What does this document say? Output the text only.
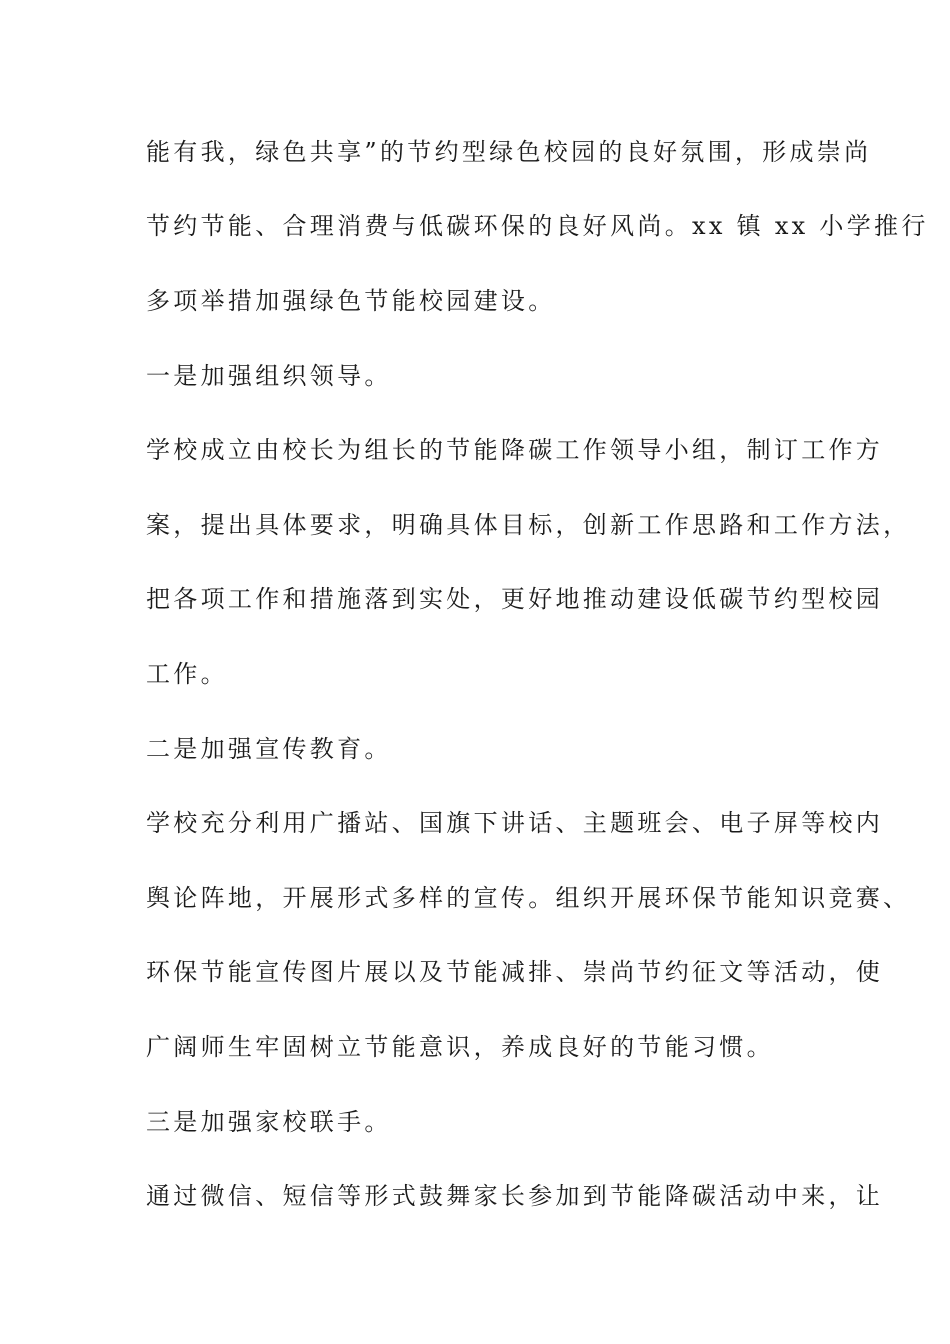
能有我，绿色共享”的节约型绿色校园的良好氛围，形成崇尚
节约节能、合理消费与低碳环保的良好风尚。xx 镇 xx 小学推行
多项举措加强绿色节能校园建设。
一是加强组织领导。
学校成立由校长为组长的节能降碳工作领导小组，制订工作方
案，提出具体要求，明确具体目标，创新工作思路和工作方法，
把各项工作和措施落到实处，更好地推动建设低碳节约型校园
工作。
二是加强宣传教育。
学校充分利用广播站、国旗下讲话、主题班会、电子屏等校内
舆论阵地，开展形式多样的宣传。组织开展环保节能知识竞赛、
环保节能宣传图片展以及节能减排、崇尚节约征文等活动，使
广阔师生牢固树立节能意识，养成良好的节能习惯。
三是加强家校联手。
通过微信、短信等形式鼓舞家长参加到节能降碳活动中来，让
